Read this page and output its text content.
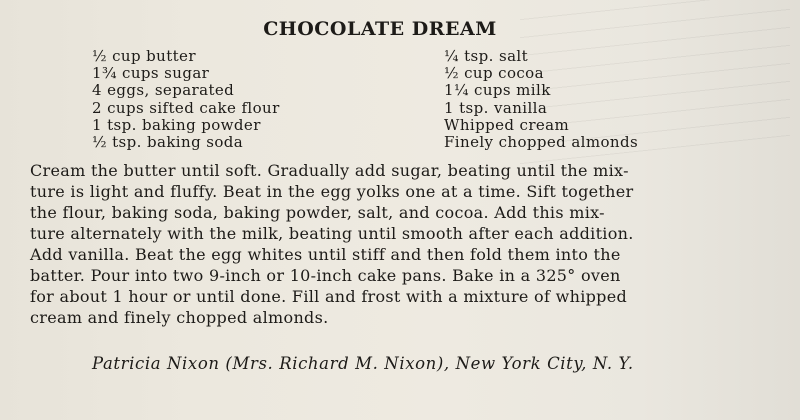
CHOCOLATE DREAM
½ cup butter
1¾ cups sugar
4 eggs, separated
2 cups sifted cake flour
1 tsp. baking powder
½ tsp. baking soda
¼ tsp. salt
½ cup cocoa
1¼ cups milk
1 tsp. vanilla
Whipped cream
Finely chopped almonds
Cream the butter until soft. Gradually add sugar, beating until the mix-
ture is light and fluffy. Beat in the egg yolks one at a time. Sift together
the flour, baking soda, baking powder, salt, and cocoa. Add this mix-
ture alternately with the milk, beating until smooth after each addition.
Add vanilla. Beat the egg whites until stiff and then fold them into the
batter. Pour into two 9-inch or 10-inch cake pans. Bake in a 325° oven
for about 1 hour or until done. Fill and frost with a mixture of whipped
cream and finely chopped almonds.
Patricia Nixon (Mrs. Richard M. Nixon), New York City, N. Y.
